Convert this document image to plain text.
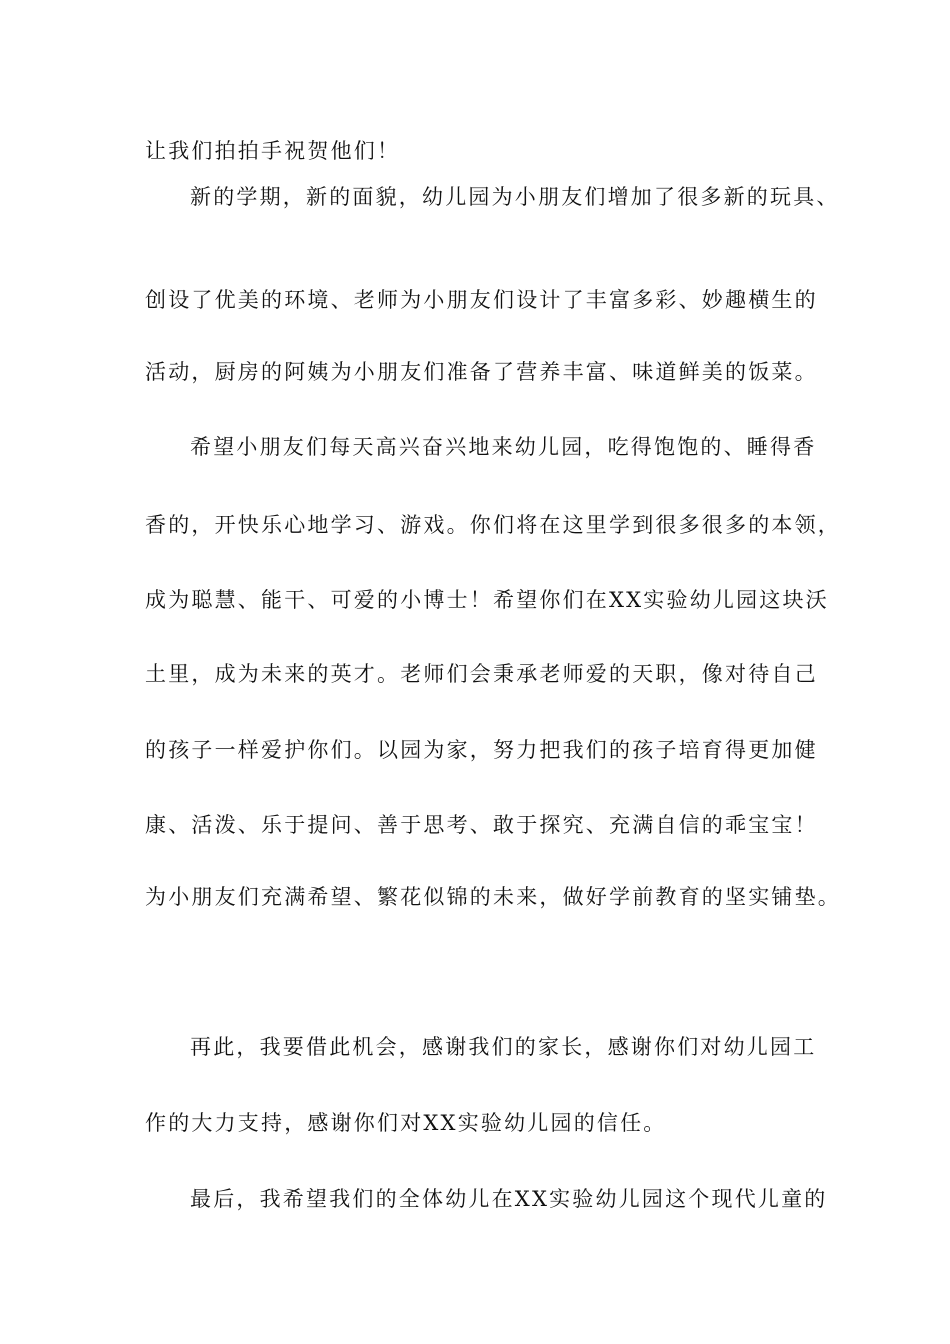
让我们拍拍手祝贺他们！
新的学期，新的面貌，幼儿园为小朋友们增加了很多新的玩具、
创设了优美的环境、老师为小朋友们设计了丰富多彩、妙趣横生的
活动，厨房的阿姨为小朋友们准备了营养丰富、味道鲜美的饭菜。
希望小朋友们每天高兴奋兴地来幼儿园，吃得饱饱的、睡得香
香的，开快乐心地学习、游戏。你们将在这里学到很多很多的本领，
成为聪慧、能干、可爱的小博士！希望你们在XX实验幼儿园这块沃
土里，成为未来的英才。老师们会秉承老师爱的天职，像对待自己
的孩子一样爱护你们。以园为家，努力把我们的孩子培育得更加健
康、活泼、乐于提问、善于思考、敢于探究、充满自信的乖宝宝！
为小朋友们充满希望、繁花似锦的未来，做好学前教育的坚实铺垫。
再此，我要借此机会，感谢我们的家长，感谢你们对幼儿园工
作的大力支持，感谢你们对XX实验幼儿园的信任。
最后，我希望我们的全体幼儿在XX实验幼儿园这个现代儿童的
